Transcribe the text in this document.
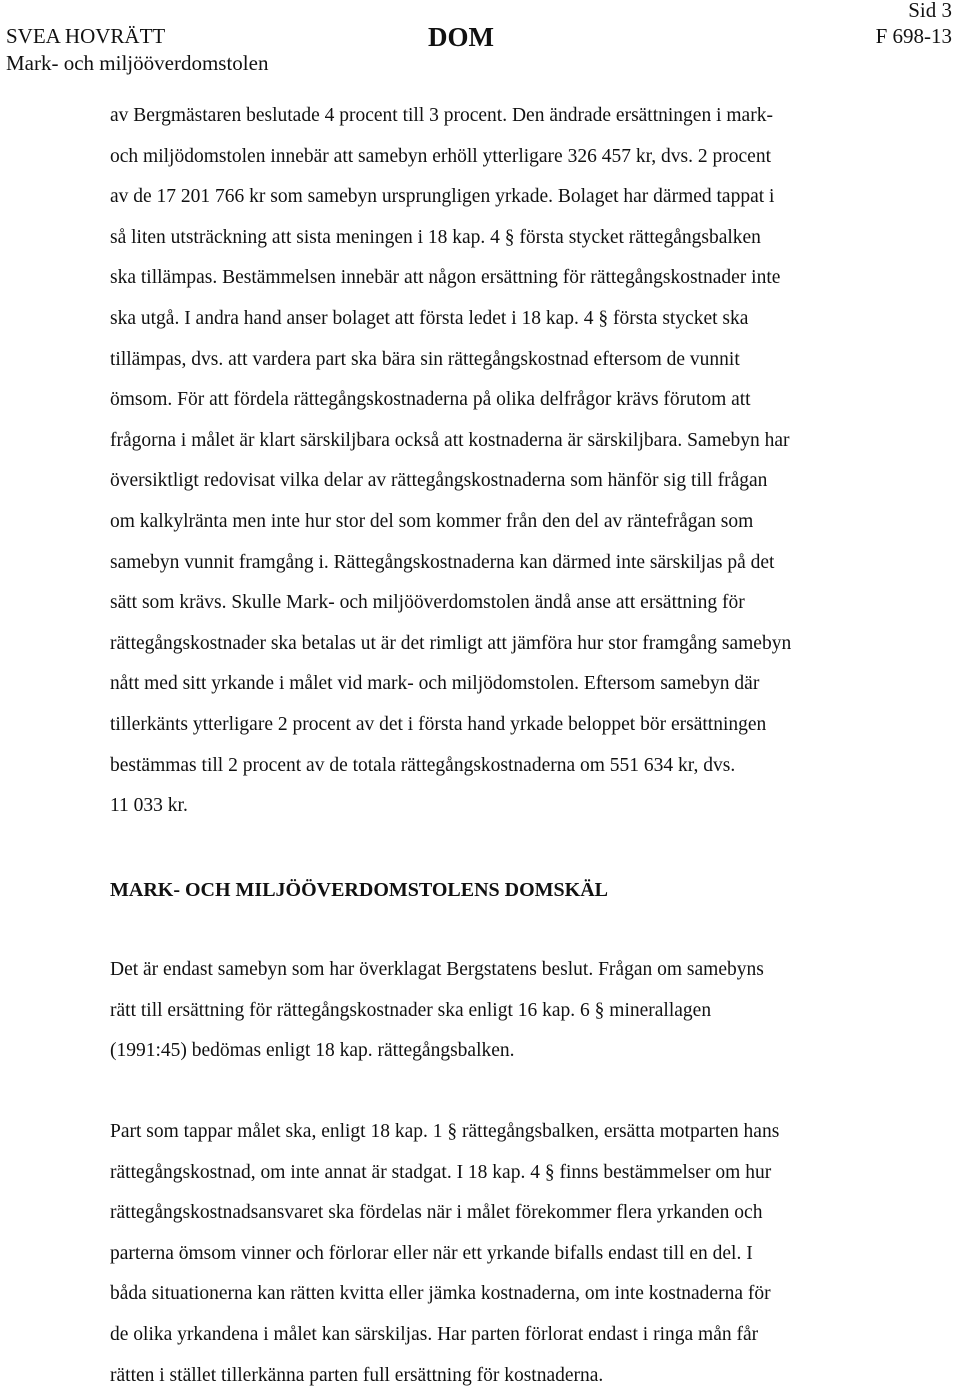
SVEA HOVRÄTT

Mark- och miljööverdomstolen

DOM

Sid 3

F 698-13

av Bergmästaren beslutade 4 procent till 3 procent. Den ändrade ersättningen i mark-
och miljödomstolen innebär att samebyn erhöll ytterligare 326 457 kr, dvs. 2 procent
av de 17 201 766 kr som samebyn ursprungligen yrkade. Bolaget har därmed tappat i
så liten utsträckning att sista meningen i 18 kap. 4 § första stycket rättegångsbalken
ska tillämpas. Bestämmelsen innebär att någon ersättning för rättegångskostnader inte
ska utgå. I andra hand anser bolaget att första ledet i 18 kap. 4 § första stycket ska
tillämpas, dvs. att vardera part ska bära sin rättegångskostnad eftersom de vunnit
ömsom. För att fördela rättegångskostnaderna på olika delfrågor krävs förutom att
frågorna i målet är klart särskiljbara också att kostnaderna är särskiljbara. Samebyn har
översiktligt redovisat vilka delar av rättegångskostnaderna som hänför sig till frågan
om kalkylränta men inte hur stor del som kommer från den del av räntefrågan som
samebyn vunnit framgång i. Rättegångskostnaderna kan därmed inte särskiljas på det
sätt som krävs. Skulle Mark- och miljööverdomstolen ändå anse att ersättning för
rättegångskostnader ska betalas ut är det rimligt att jämföra hur stor framgång samebyn
nått med sitt yrkande i målet vid mark- och miljödomstolen. Eftersom samebyn där
tillerkänts ytterligare 2 procent av det i första hand yrkade beloppet bör ersättningen
bestämmas till 2 procent av de totala rättegångskostnaderna om 551 634 kr, dvs.
11 033 kr.
MARK- OCH MILJÖÖVERDOMSTOLENS DOMSKÄL
Det är endast samebyn som har överklagat Bergstatens beslut. Frågan om samebyns
rätt till ersättning för rättegångskostnader ska enligt 16 kap. 6 § minerallagen
(1991:45) bedömas enligt 18 kap. rättegångsbalken.
Part som tappar målet ska, enligt 18 kap. 1 § rättegångsbalken, ersätta motparten hans
rättegångskostnad, om inte annat är stadgat. I 18 kap. 4 § finns bestämmelser om hur
rättegångskostnadsansvaret ska fördelas när i målet förekommer flera yrkanden och
parterna ömsom vinner och förlorar eller när ett yrkande bifalls endast till en del. I
båda situationerna kan rätten kvitta eller jämka kostnaderna, om inte kostnaderna för
de olika yrkandena i målet kan särskiljas. Har parten förlorat endast i ringa mån får
rätten i stället tillerkänna parten full ersättning för kostnaderna.
